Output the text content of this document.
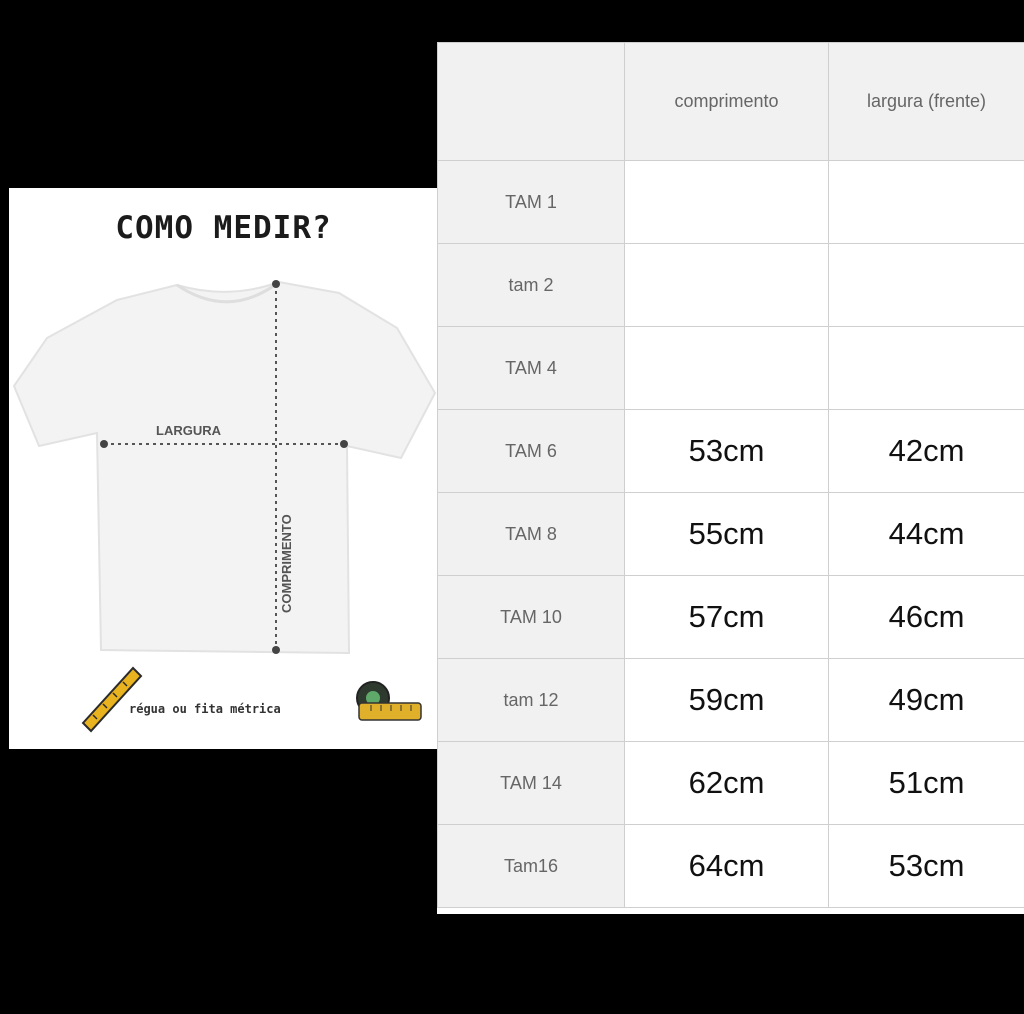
COMO MEDIR?
LARGURA
COMPRIMENTO
régua ou fita métrica
	comprimento	largura (frente)
TAM 1		
tam 2		
TAM 4		
TAM 6	53cm	42cm
TAM 8	55cm	44cm
TAM 10	57cm	46cm
tam 12	59cm	49cm
TAM 14	62cm	51cm
Tam16	64cm	53cm
